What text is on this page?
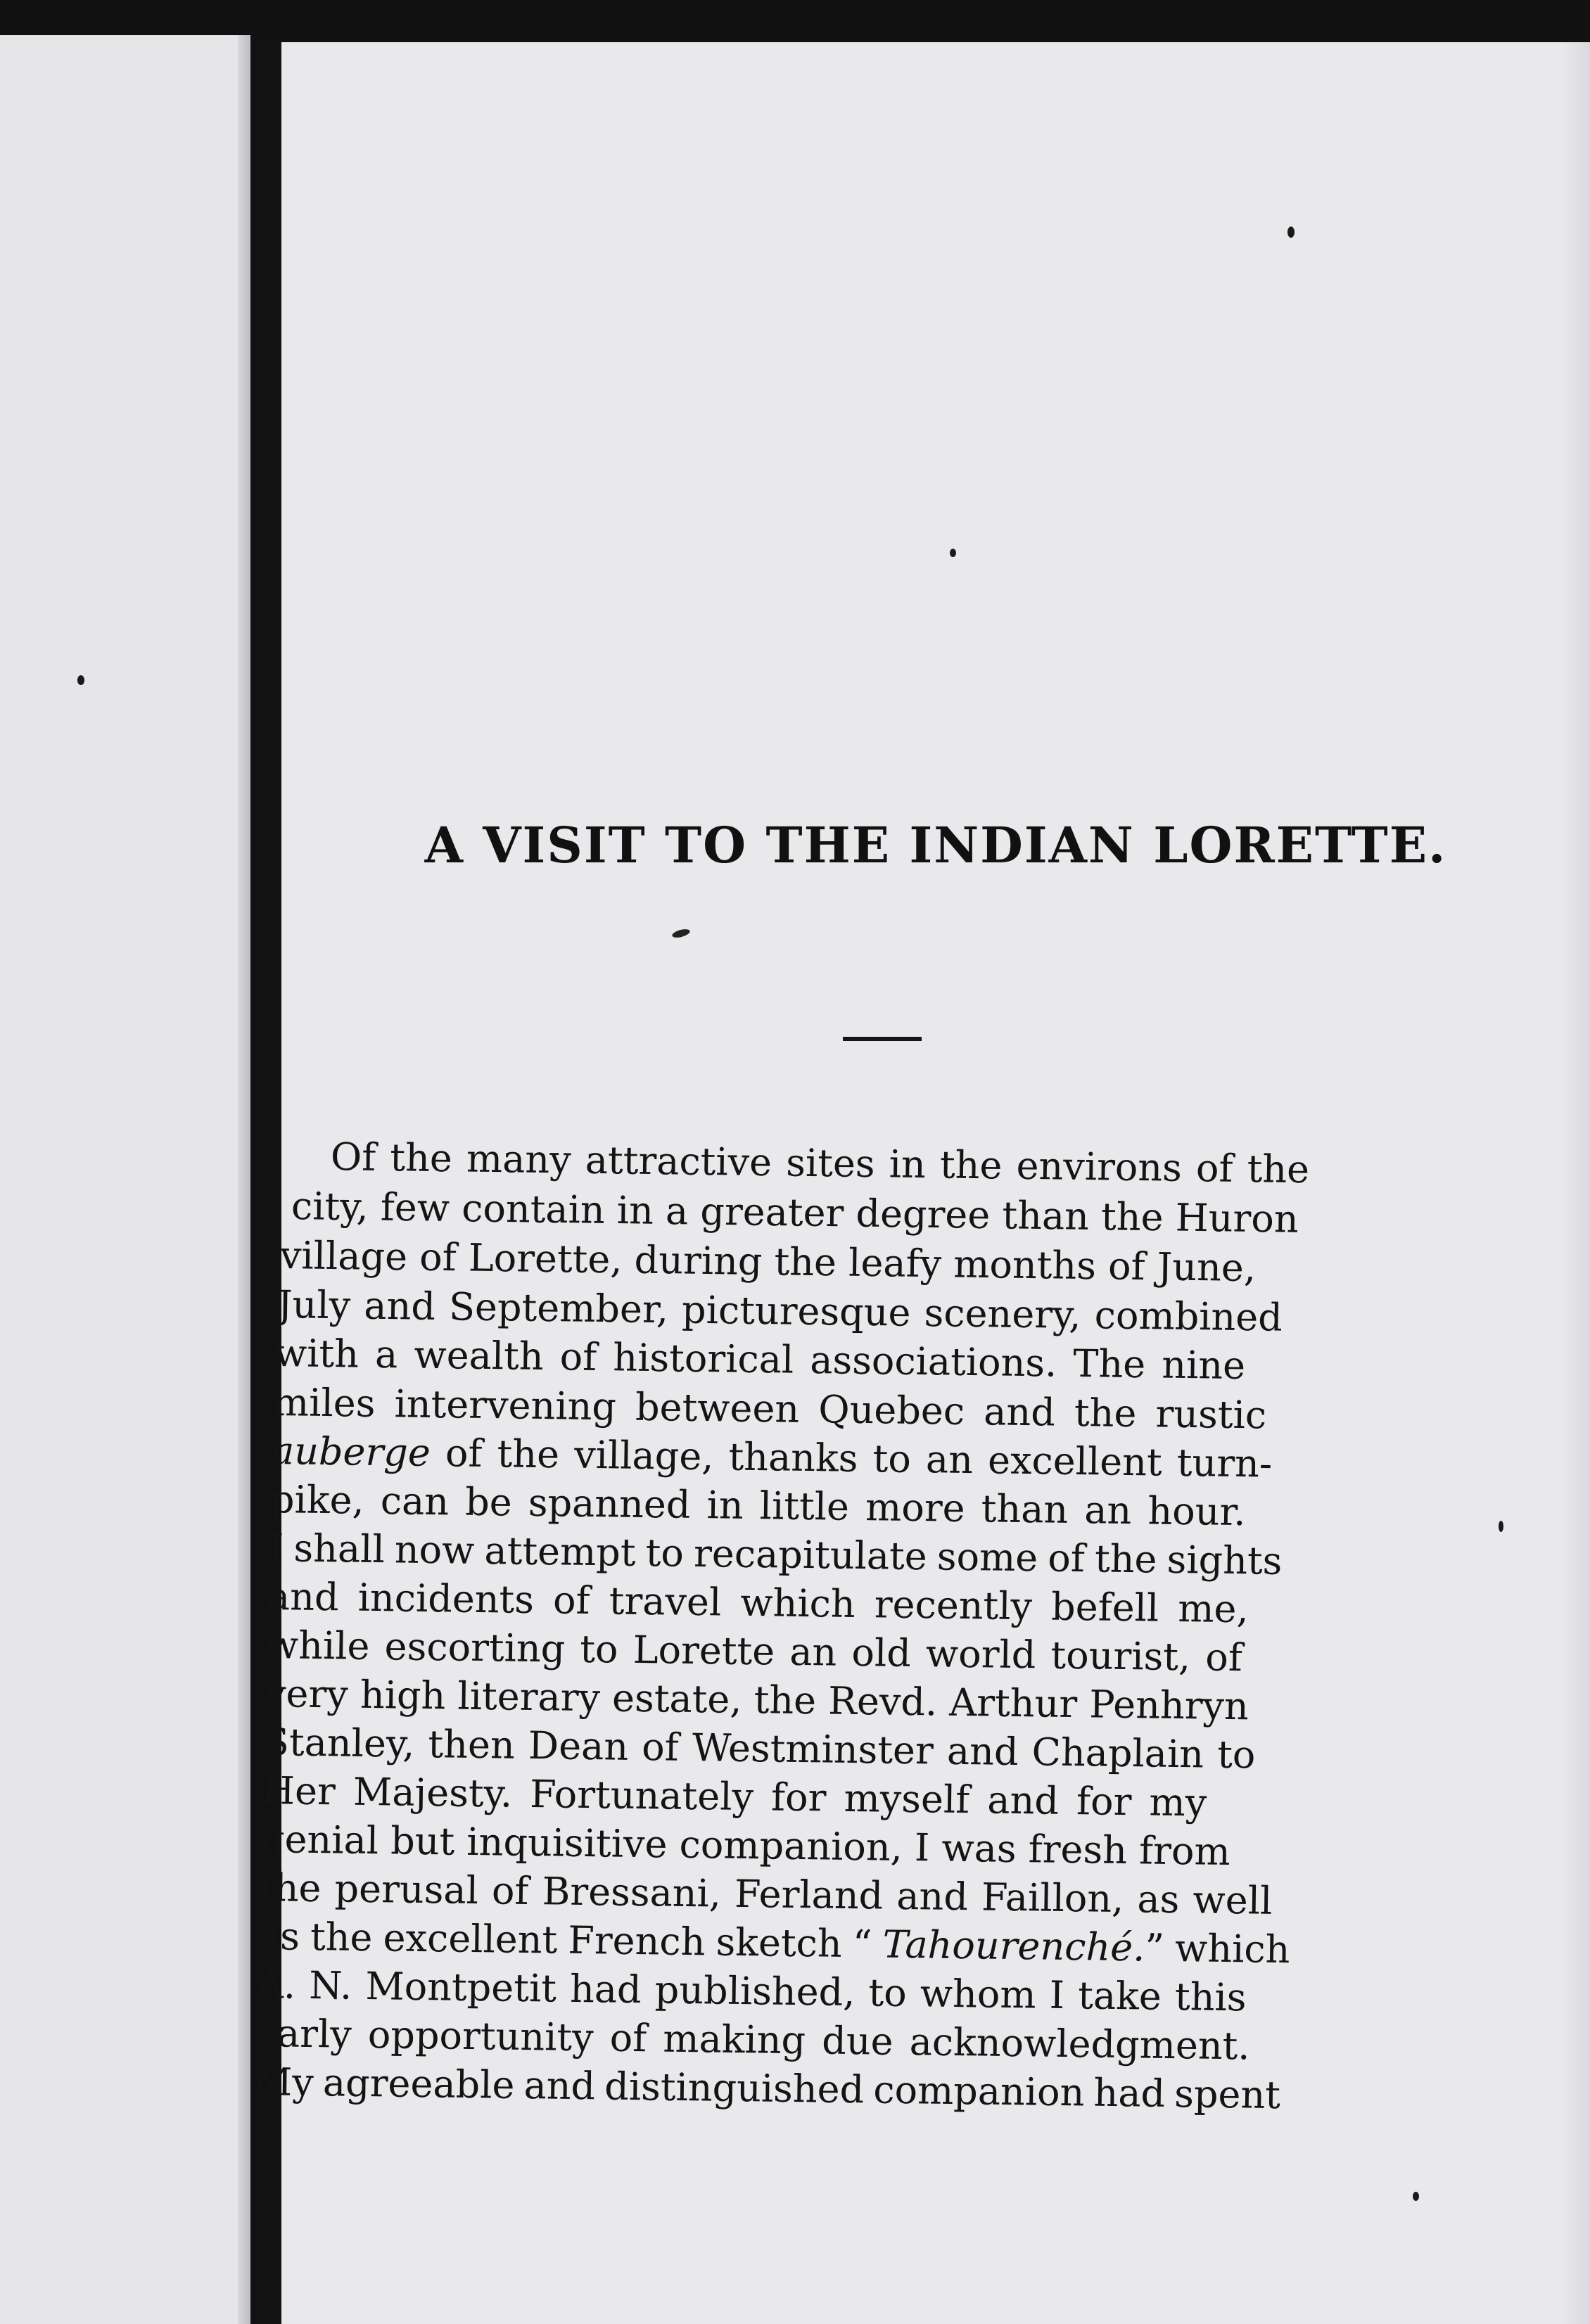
A VISIT TO THE INDIAN LORETTE.
Of the many attractive sites in the environs of the
city, few contain in a greater degree than the Huron
village of Lorette, during the leafy months of June,
July and September, picturesque scenery, combined
with a wealth of historical associations. The nine
miles intervening between Quebec and the rustic
auberge of the village, thanks to an excellent turn-
pike, can be spanned in little more than an hour.
I shall now attempt to recapitulate some of the sights
and incidents of travel which recently befell me,
while escorting to Lorette an old world tourist, of
very high literary estate, the Revd. Arthur Penhryn
Stanley, then Dean of Westminster and Chaplain to
Her Majesty. Fortunately for myself and for my
genial but inquisitive companion, I was fresh from
the perusal of Bressani, Ferland and Faillon, as well
as the excellent French sketch “ Tahourenché.” which
A. N. Montpetit had published, to whom I take this
early opportunity of making due acknowledgment.
My agreeable and distinguished companion had spent
